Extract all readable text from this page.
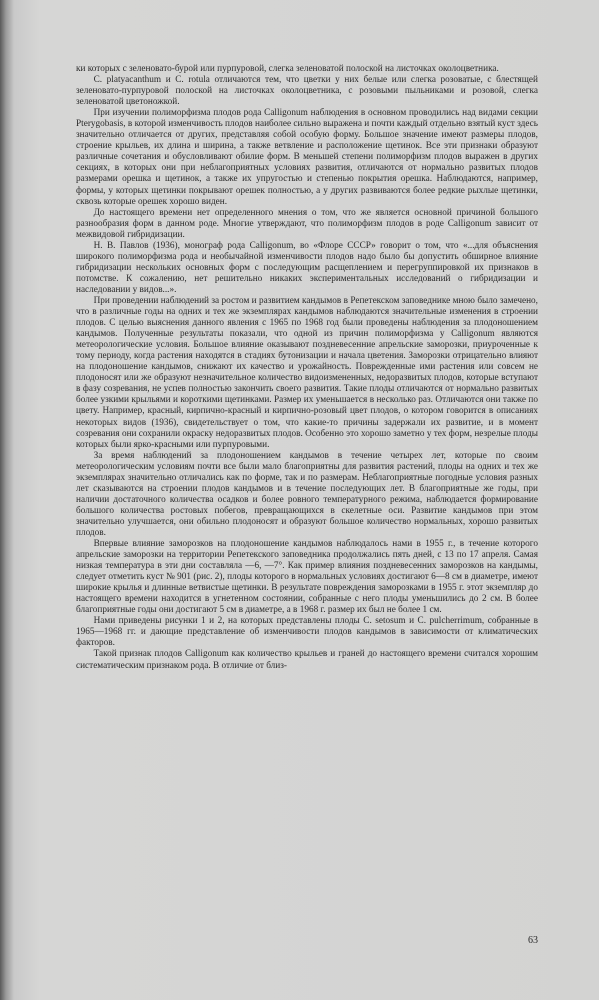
ки которых с зеленовато-бурой или пурпуровой, слегка зеленоватой полоской на листочках околоцветника.

C. platyacanthum и C. rotula отличаются тем, что цветки у них белые или слегка розоватые, с блестящей зеленовато-пурпуровой полоской на листочках околоцветника, с розовыми пыльниками и розовой, слегка зеленоватой цветоножкой.

При изучении полиморфизма плодов рода Calligonum наблюдения в основном проводились над видами секции Pterygobasis, в которой изменчивость плодов наиболее сильно выражена и почти каждый отдельно взятый куст здесь значительно отличается от других, представляя собой особую форму. Большое значение имеют размеры плодов, строение крыльев, их длина и ширина, а также ветвление и расположение щетинок. Все эти признаки образуют различные сочетания и обусловливают обилие форм. В меньшей степени полиморфизм плодов выражен в других секциях, в которых они при неблагоприятных условиях развития, отличаются от нормально развитых плодов размерами орешка и щетинок, а также их упругостью и степенью покрытия орешка. Наблюдаются, например, формы, у которых щетинки покрывают орешек полностью, а у других развиваются более редкие рыхлые щетинки, сквозь которые орешек хорошо виден.

До настоящего времени нет определенного мнения о том, что же является основной причиной большого разнообразия форм в данном роде. Многие утверждают, что полиморфизм плодов в роде Calligonum зависит от межвидовой гибридизации.

Н. В. Павлов (1936), монограф рода Calligonum, во «Флоре СССР» говорит о том, что «...для объяснения широкого полиморфизма рода и необычайной изменчивости плодов надо было бы допустить обширное влияние гибридизации нескольких основных форм с последующим расщеплением и перегруппировкой их признаков в потомстве. К сожалению, нет решительно никаких экспериментальных исследований о гибридизации и наследовании у видов...».

При проведении наблюдений за ростом и развитием кандымов в Репетекском заповеднике мною было замечено, что в различные годы на одних и тех же экземплярах кандымов наблюдаются значительные изменения в строении плодов. С целью выяснения данного явления с 1965 по 1968 год были проведены наблюдения за плодоношением кандымов. Полученные результаты показали, что одной из причин полиморфизма у Calligonum являются метеорологические условия. Большое влияние оказывают поздневесенние апрельские заморозки, приуроченные к тому периоду, когда растения находятся в стадиях бутонизации и начала цветения. Заморозки отрицательно влияют на плодоношение кандымов, снижают их качество и урожайность. Поврежденные ими растения или совсем не плодоносят или же образуют незначительное количество видоизмененных, недоразвитых плодов, которые вступают в фазу созревания, не успев полностью закончить своего развития. Такие плоды отличаются от нормально развитых более узкими крыльями и короткими щетинками. Размер их уменьшается в несколько раз. Отличаются они также по цвету. Например, красный, кирпично-красный и кирпично-розовый цвет плодов, о котором говорится в описаниях некоторых видов (1936), свидетельствует о том, что какие-то причины задержали их развитие, и в момент созревания они сохранили окраску недоразвитых плодов. Особенно это хорошо заметно у тех форм, незрелые плоды которых были ярко-красными или пурпуровыми.

За время наблюдений за плодоношением кандымов в течение четырех лет, которые по своим метеорологическим условиям почти все были мало благоприятны для развития растений, плоды на одних и тех же экземплярах значительно отличались как по форме, так и по размерам. Неблагоприятные погодные условия разных лет сказываются на строении плодов кандымов и в течение последующих лет. В благоприятные же годы, при наличии достаточного количества осадков и более ровного температурного режима, наблюдается формирование большого количества ростовых побегов, превращающихся в скелетные оси. Развитие кандымов при этом значительно улучшается, они обильно плодоносят и образуют большое количество нормальных, хорошо развитых плодов.

Впервые влияние заморозков на плодоношение кандымов наблюдалось нами в 1955 г., в течение которого апрельские заморозки на территории Репетекского заповедника продолжались пять дней, с 13 по 17 апреля. Самая низкая температура в эти дни составляла —6, —7°. Как пример влияния поздневесенних заморозков на кандымы, следует отметить куст № 901 (рис. 2), плоды которого в нормальных условиях достигают 6—8 см в диаметре, имеют широкие крылья и длинные ветвистые щетинки. В результате повреждения заморозками в 1955 г. этот экземпляр до настоящего времени находится в угнетенном состоянии, собранные с него плоды уменьшились до 2 см. В более благоприятные годы они достигают 5 см в диаметре, а в 1968 г. размер их был не более 1 см.

Нами приведены рисунки 1 и 2, на которых представлены плоды C. setosum и C. pulcherrimum, собранные в 1965—1968 гг. и дающие представление об изменчивости плодов кандымов в зависимости от климатических факторов.

Такой признак плодов Calligonum как количество крыльев и граней до настоящего времени считался хорошим систематическим признаком рода. В отличие от близ-

63
